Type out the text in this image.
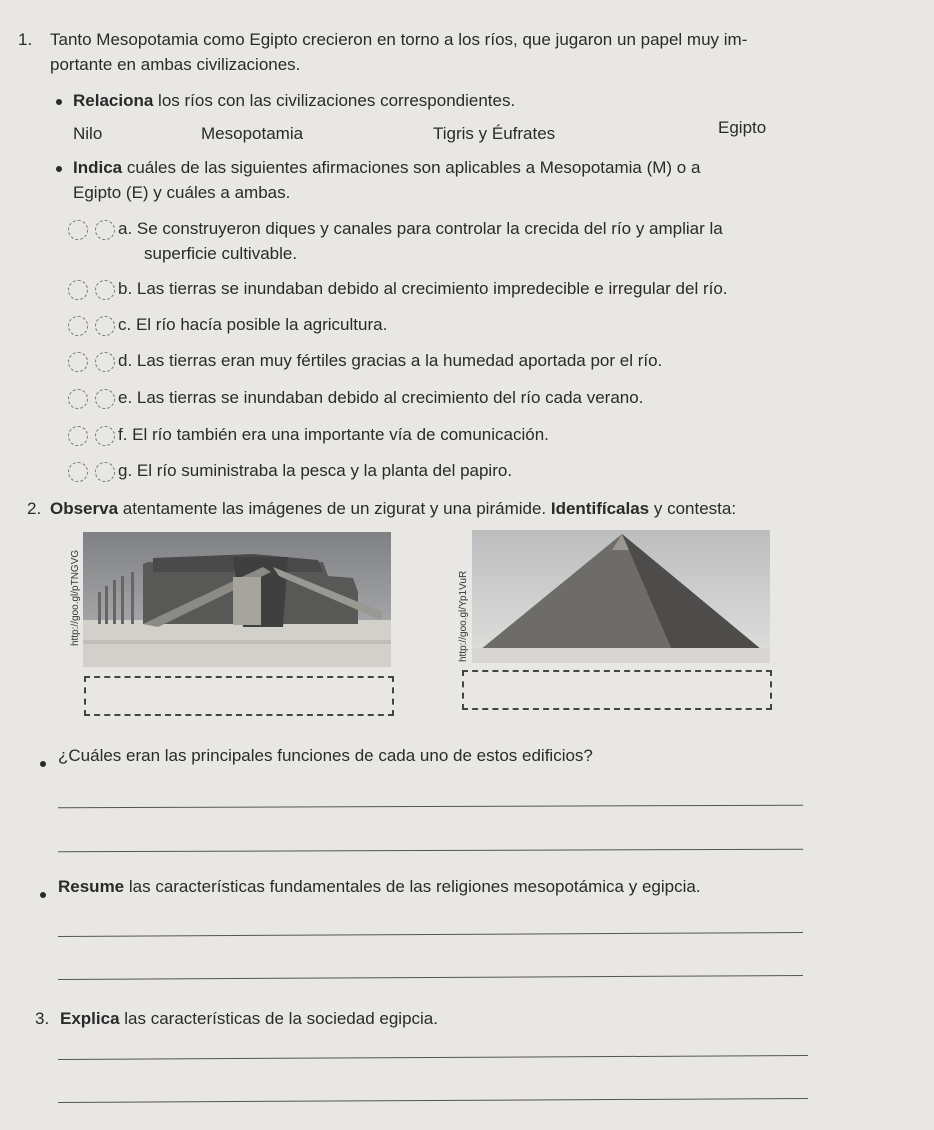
1. Tanto Mesopotamia como Egipto crecieron en torno a los ríos, que jugaron un papel muy im-
portante en ambas civilizaciones.
Relaciona los ríos con las civilizaciones correspondientes.
Nilo	Mesopotamia	Tigris y Éufrates	Egipto
Indica cuáles de las siguientes afirmaciones son aplicables a Mesopotamia (M) o a
Egipto (E) y cuáles a ambas.
a. Se construyeron diques y canales para controlar la crecida del río y ampliar la
superficie cultivable.
b. Las tierras se inundaban debido al crecimiento impredecible e irregular del río.
c. El río hacía posible la agricultura.
d. Las tierras eran muy fértiles gracias a la humedad aportada por el río.
e. Las tierras se inundaban debido al crecimiento del río cada verano.
f. El río también era una importante vía de comunicación.
g. El río suministraba la pesca y la planta del papiro.
2. Observa atentamente las imágenes de un zigurat y una pirámide. Identifícalas y contesta:
http://goo.gl/pTNGVG	http://goo.gl/Yp1VuR
¿Cuáles eran las principales funciones de cada uno de estos edificios?
Resume las características fundamentales de las religiones mesopotámica y egipcia.
3. Explica las características de la sociedad egipcia.
